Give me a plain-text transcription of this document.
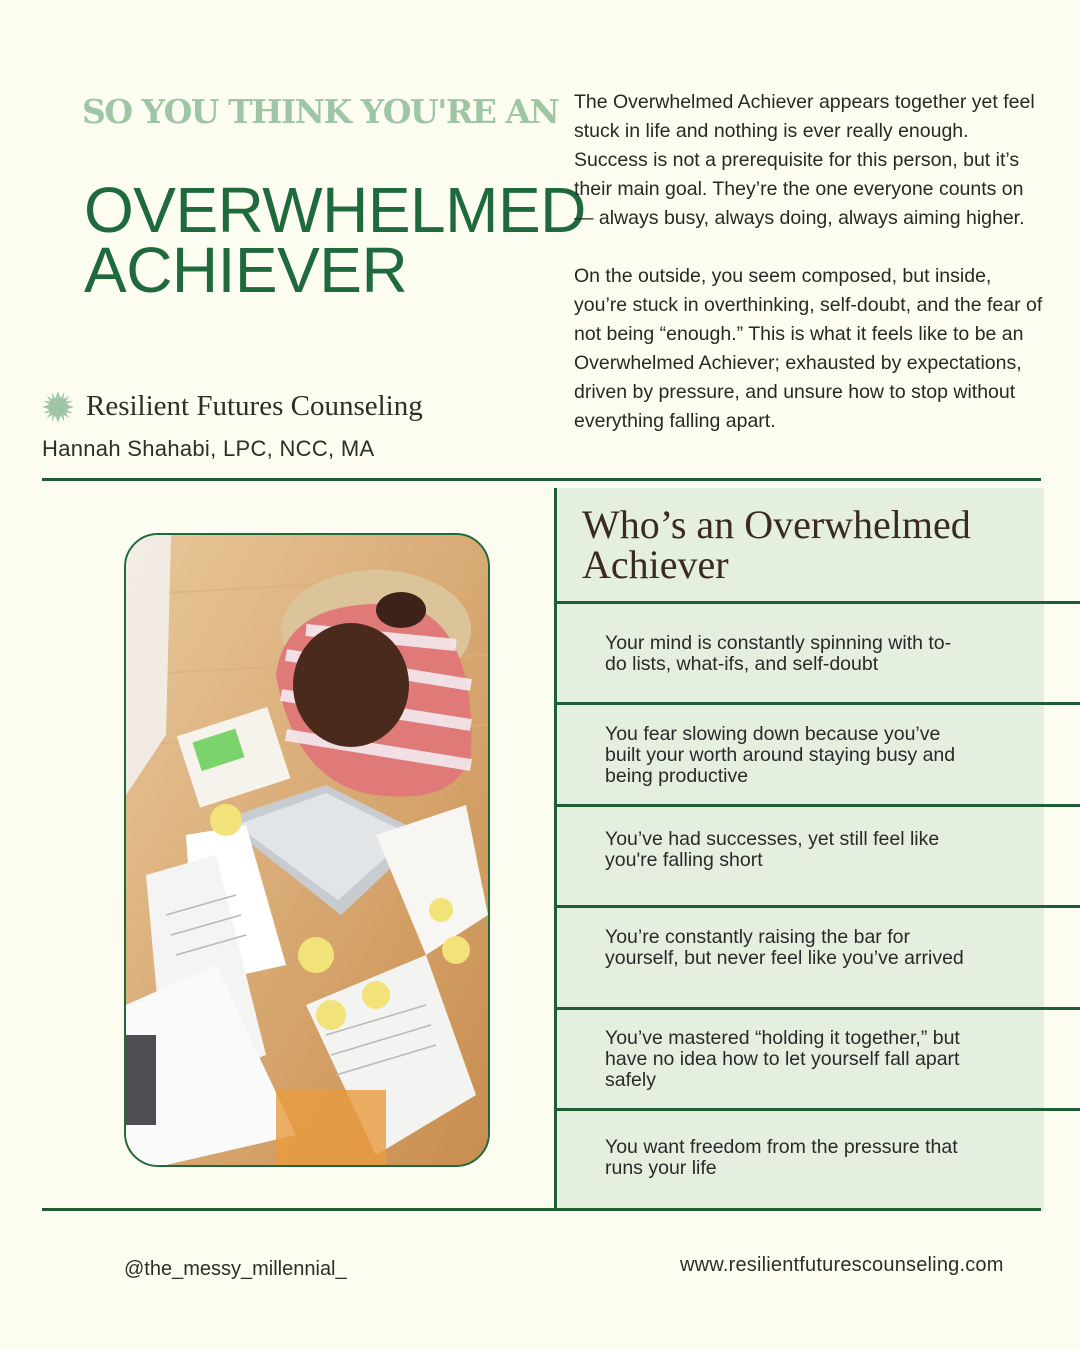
SO YOU THINK YOU'RE AN
OVERWHELMED
ACHIEVER
Resilient Futures Counseling
Hannah Shahabi, LPC, NCC, MA

The Overwhelmed Achiever appears together yet feel stuck in life and nothing is ever really enough. Success is not a prerequisite for this person, but it’s their main goal. They’re the one everyone counts on — always busy, always doing, always aiming higher.

On the outside, you seem composed, but inside, you’re stuck in overthinking, self-doubt, and the fear of not being “enough.” This is what it feels like to be an Overwhelmed Achiever; exhausted by expectations, driven by pressure, and unsure how to stop without everything falling apart.

Who’s an Overwhelmed Achiever
Your mind is constantly spinning with to-do lists, what-ifs, and self-doubt
You fear slowing down because you’ve built your worth around staying busy and being productive
You’ve had successes, yet still feel like you're falling short
You’re constantly raising the bar for yourself, but never feel like you’ve arrived
You’ve mastered “holding it together,” but have no idea how to let yourself fall apart safely
You want freedom from the pressure that runs your life
@the_messy_millennial_	www.resilientfuturescounseling.com
